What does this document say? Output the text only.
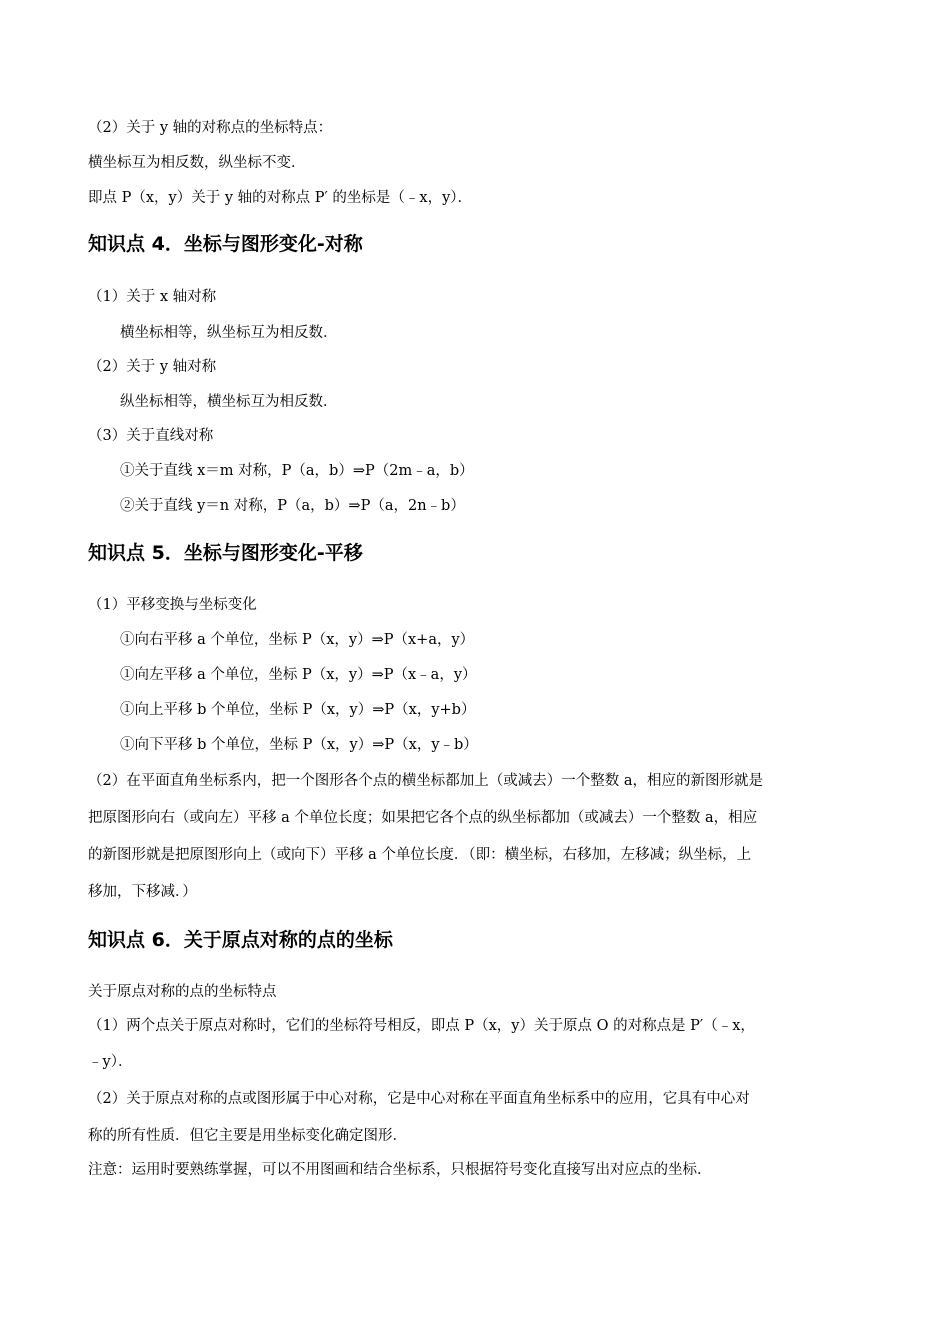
（2）关于 y 轴的对称点的坐标特点：
横坐标互为相反数，纵坐标不变．
即点 P（x，y）关于 y 轴的对称点 P′ 的坐标是（﹣x，y）．
知识点 4．坐标与图形变化-对称
（1）关于 x 轴对称
横坐标相等，纵坐标互为相反数．
（2）关于 y 轴对称
纵坐标相等，横坐标互为相反数．
（3）关于直线对称
①关于直线 x＝m 对称，P（a，b）⇒P（2m﹣a，b）
②关于直线 y＝n 对称，P（a，b）⇒P（a，2n﹣b）
知识点 5．坐标与图形变化-平移
（1）平移变换与坐标变化
①向右平移 a 个单位，坐标 P（x，y）⇒P（x+a，y）
①向左平移 a 个单位，坐标 P（x，y）⇒P（x﹣a，y）
①向上平移 b 个单位，坐标 P（x，y）⇒P（x，y+b）
①向下平移 b 个单位，坐标 P（x，y）⇒P（x，y﹣b）
（2）在平面直角坐标系内，把一个图形各个点的横坐标都加上（或减去）一个整数 a，相应的新图形就是
把原图形向右（或向左）平移 a 个单位长度；如果把它各个点的纵坐标都加（或减去）一个整数 a，相应
的新图形就是把原图形向上（或向下）平移 a 个单位长度．（即：横坐标，右移加，左移减；纵坐标，上
移加，下移减．）
知识点 6．关于原点对称的点的坐标
关于原点对称的点的坐标特点
（1）两个点关于原点对称时，它们的坐标符号相反，即点 P（x，y）关于原点 O 的对称点是 P′（﹣x，
﹣y）．
（2）关于原点对称的点或图形属于中心对称，它是中心对称在平面直角坐标系中的应用，它具有中心对
称的所有性质．但它主要是用坐标变化确定图形．
注意：运用时要熟练掌握，可以不用图画和结合坐标系，只根据符号变化直接写出对应点的坐标．
